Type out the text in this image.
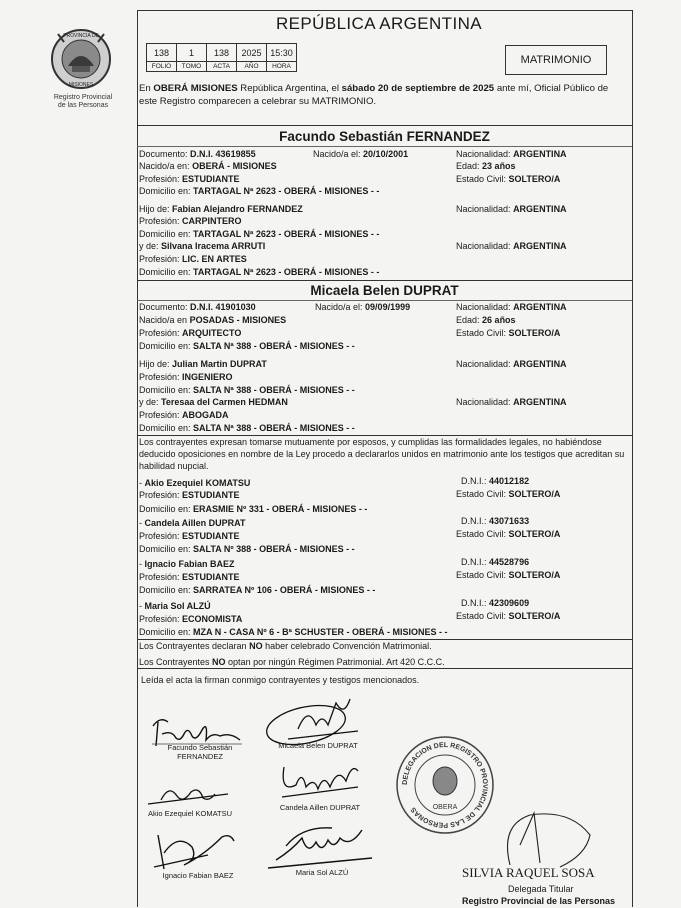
PROVINCIA DE
MISIONES
Registro Provincial
de las Personas
REPÚBLICA ARGENTINA
138	1	138	2025	15:30
FOLIO	TOMO	ACTA	AÑO	HORA
MATRIMONIO
En OBERÁ MISIONES República Argentina, el sábado 20 de septiembre de 2025 ante mí, Oficial Público de este Registro comparecen a celebrar su MATRIMONIO.
Facundo Sebastián FERNANDEZ
Documento: D.N.I. 43619855	Nacido/a el: 20/10/2001	Nacionalidad: ARGENTINA
Nacido/a en: OBERÁ - MISIONES	Edad: 23 años
Profesión: ESTUDIANTE	Estado Civil: SOLTERO/A
Domicilio en: TARTAGAL Nª 2623 - OBERÁ - MISIONES - -
Hijo de: Fabian Alejandro FERNANDEZ	Nacionalidad: ARGENTINA
Profesión: CARPINTERO
Domicilio en: TARTAGAL Nª 2623 - OBERÁ - MISIONES - -
y de: Silvana Iracema ARRUTI	Nacionalidad: ARGENTINA
Profesión: LIC. EN ARTES
Domicilio en: TARTAGAL Nª 2623 - OBERÁ - MISIONES - -
Micaela Belen DUPRAT
Documento: D.N.I. 41901030	Nacido/a el: 09/09/1999	Nacionalidad: ARGENTINA
Nacido/a en POSADAS - MISIONES	Edad: 26 años
Profesión: ARQUITECTO	Estado Civil: SOLTERO/A
Domicilio en: SALTA Nª 388 - OBERÁ - MISIONES - -
Hijo de: Julian Martin DUPRAT	Nacionalidad: ARGENTINA
Profesión: INGENIERO
Domicilio en: SALTA Nª 388 - OBERÁ - MISIONES - -
y de: Teresaa del Carmen HEDMAN	Nacionalidad: ARGENTINA
Profesión: ABOGADA
Domicilio en: SALTA Nª 388 - OBERÁ - MISIONES - -
Los contrayentes expresan tomarse mutuamente por esposos, y cumplidas las formalidades legales, no habiéndose deducido oposiciones en nombre de la Ley procedo a declararlos unidos en matrimonio ante los testigos que acreditan su habilidad nupcial.
- Akio Ezequiel KOMATSU	D.N.I.: 44012182
Profesión: ESTUDIANTE	Estado Civil: SOLTERO/A
Domicilio en: ERASMIE Nº 331 - OBERÁ - MISIONES - -
- Candela Aillen DUPRAT	D.N.I.: 43071633
Profesión: ESTUDIANTE	Estado Civil: SOLTERO/A
Domicilio en: SALTA Nº 388 - OBERÁ - MISIONES - -
- Ignacio Fabian BAEZ	D.N.I.: 44528796
Profesión: ESTUDIANTE	Estado Civil: SOLTERO/A
Domicilio en: SARRATEA Nº 106 - OBERÁ - MISIONES - -
- Maria Sol ALZÚ	D.N.I.: 42309609
Profesión: ECONOMISTA	Estado Civil: SOLTERO/A
Domicilio en: MZA N - CASA Nº 6 - Bª SCHUSTER - OBERÁ - MISIONES - -
Los Contrayentes declaran NO haber celebrado Convención Matrimonial.
Los Contrayentes NO optan por ningún Régimen Patrimonial. Art 420 C.C.C.
Leída el acta la firman conmigo contrayentes y testigos mencionados.
Facundo Sebastián
FERNANDEZ
Micaela Belen DUPRAT
Akio Ezequiel KOMATSU
Candela Aillen DUPRAT
Ignacio Fabian BAEZ	Maria Sol ALZÚ
DELEGACION DEL REGISTRO PROVINCIAL DE LAS PERSONAS	OBERA
SILVIA RAQUEL SOSA
Delegada Titular
Registro Provincial de las Personas
